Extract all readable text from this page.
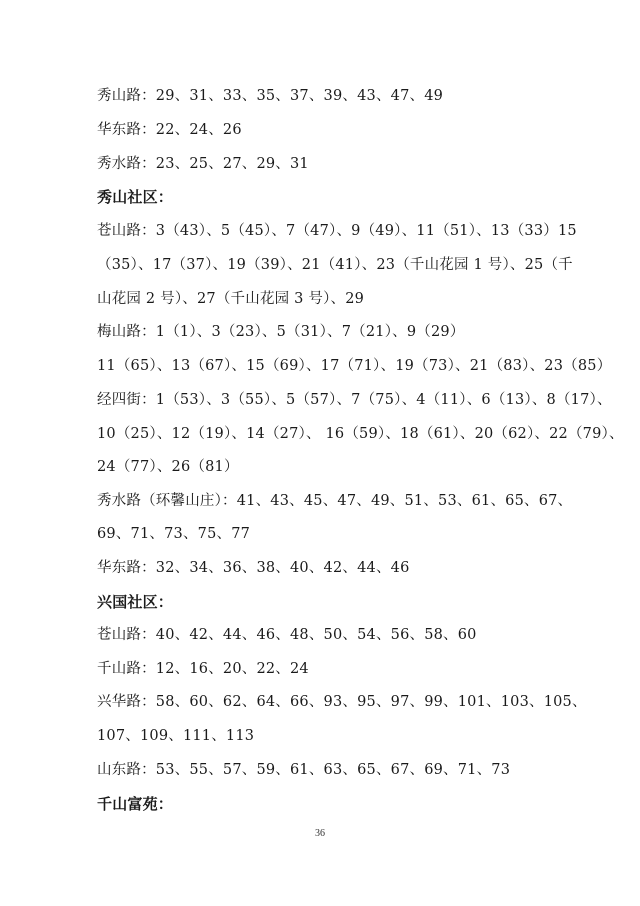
秀山路：29、31、33、35、37、39、43、47、49
华东路：22、24、26
秀水路：23、25、27、29、31
秀山社区：
苍山路：3（43）、5（45）、7（47）、9（49）、11（51）、13（33）15
（35）、17（37）、19（39）、21（41）、23（千山花园 1 号）、25（千
山花园 2 号）、27（千山花园 3 号）、29
梅山路：1（1）、3（23）、5（31）、7（21）、9（29）
11（65）、13（67）、15（69）、17（71）、19（73）、21（83）、23（85）
经四街：1（53）、3（55）、5（57）、7（75）、4（11）、6（13）、8（17）、
10（25）、12（19）、14（27）、 16（59）、18（61）、20（62）、22（79）、
24（77）、26（81）
秀水路（环馨山庄）：41、43、45、47、49、51、53、61、65、67、
69、71、73、75、77
华东路：32、34、36、38、40、42、44、46
兴国社区：
苍山路：40、42、44、46、48、50、54、56、58、60
千山路：12、16、20、22、24
兴华路：58、60、62、64、66、93、95、97、99、101、103、105、
107、109、111、113
山东路：53、55、57、59、61、63、65、67、69、71、73
千山富苑：
36
